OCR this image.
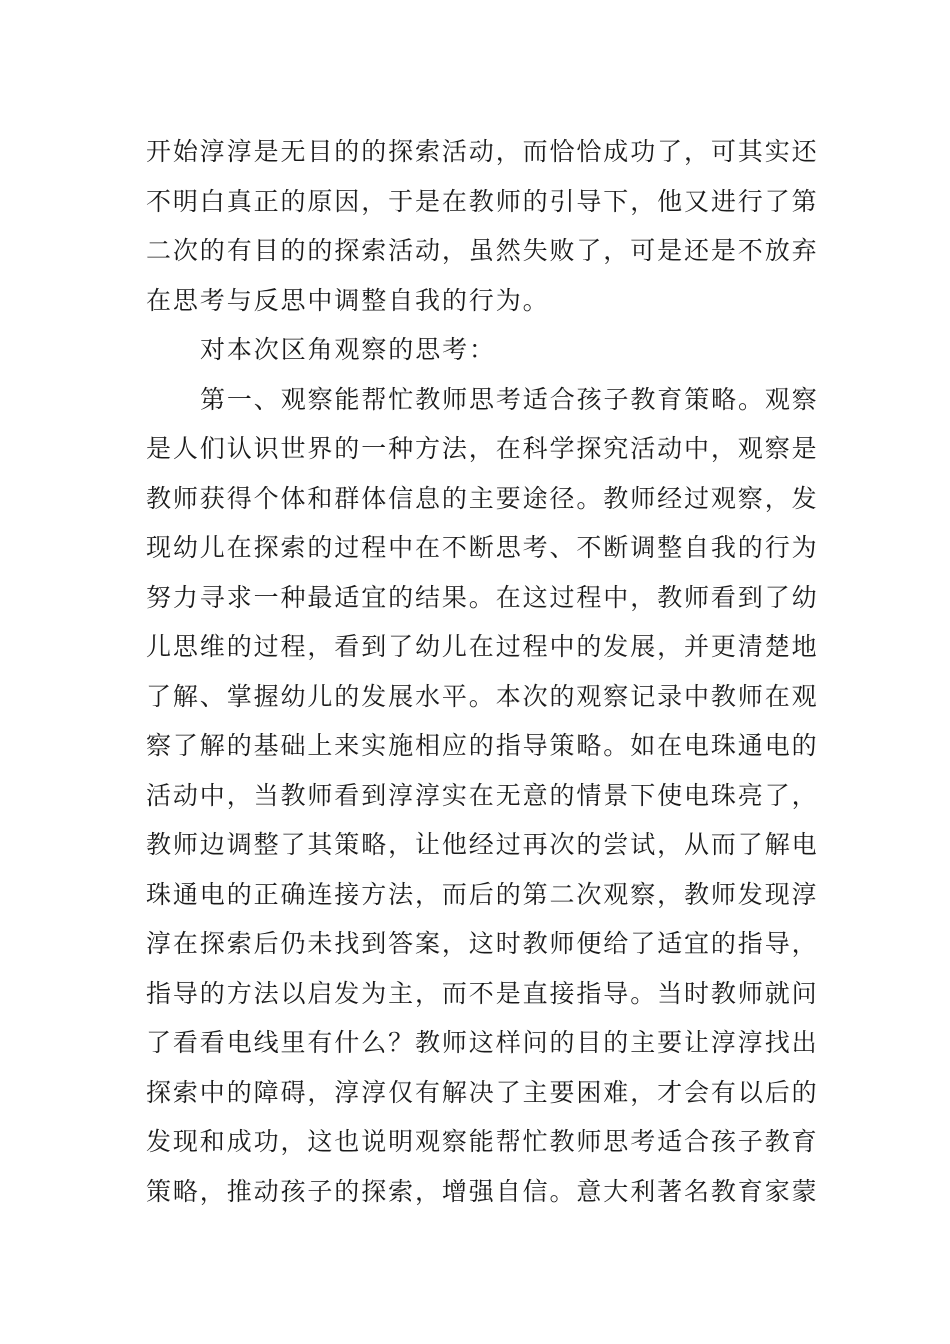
开始淳淳是无目的的探索活动，而恰恰成功了，可其实还
不明白真正的原因，于是在教师的引导下，他又进行了第
二次的有目的的探索活动，虽然失败了，可是还是不放弃
在思考与反思中调整自我的行为。
对本次区角观察的思考：
第一、观察能帮忙教师思考适合孩子教育策略。观察
是人们认识世界的一种方法，在科学探究活动中，观察是
教师获得个体和群体信息的主要途径。教师经过观察，发
现幼儿在探索的过程中在不断思考、不断调整自我的行为
努力寻求一种最适宜的结果。在这过程中，教师看到了幼
儿思维的过程，看到了幼儿在过程中的发展，并更清楚地
了解、掌握幼儿的发展水平。本次的观察记录中教师在观
察了解的基础上来实施相应的指导策略。如在电珠通电的
活动中，当教师看到淳淳实在无意的情景下使电珠亮了，
教师边调整了其策略，让他经过再次的尝试，从而了解电
珠通电的正确连接方法，而后的第二次观察，教师发现淳
淳在探索后仍未找到答案，这时教师便给了适宜的指导，
指导的方法以启发为主，而不是直接指导。当时教师就问
了看看电线里有什么？教师这样问的目的主要让淳淳找出
探索中的障碍，淳淳仅有解决了主要困难，才会有以后的
发现和成功，这也说明观察能帮忙教师思考适合孩子教育
策略，推动孩子的探索，增强自信。意大利著名教育家蒙
